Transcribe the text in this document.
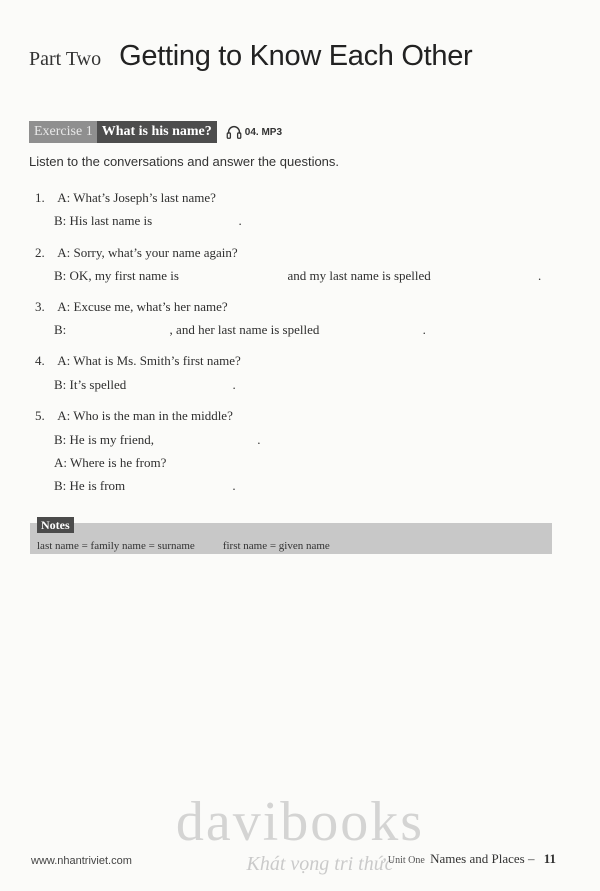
Part Two Getting to Know Each Other
Exercise 1 What is his name?	04. MP3
Listen to the conversations and answer the questions.
1. A: What’s Joseph’s last name?
B: His last name is	.
2. A: Sorry, what’s your name again?
B: OK, my first name is	and my last name is spelled	.
3. A: Excuse me, what’s her name?
B:	, and her last name is spelled	.
4. A: What is Ms. Smith’s first name?
B: It’s spelled	.
5. A: Who is the man in the middle?
B: He is my friend,	.
A: Where is he from?
B: He is from	.
Notes
last name = family name = surname	first name = given name
davibooks
Khát vọng tri thức
www.nhantriviet.com	Unit One Names and Places – 11
